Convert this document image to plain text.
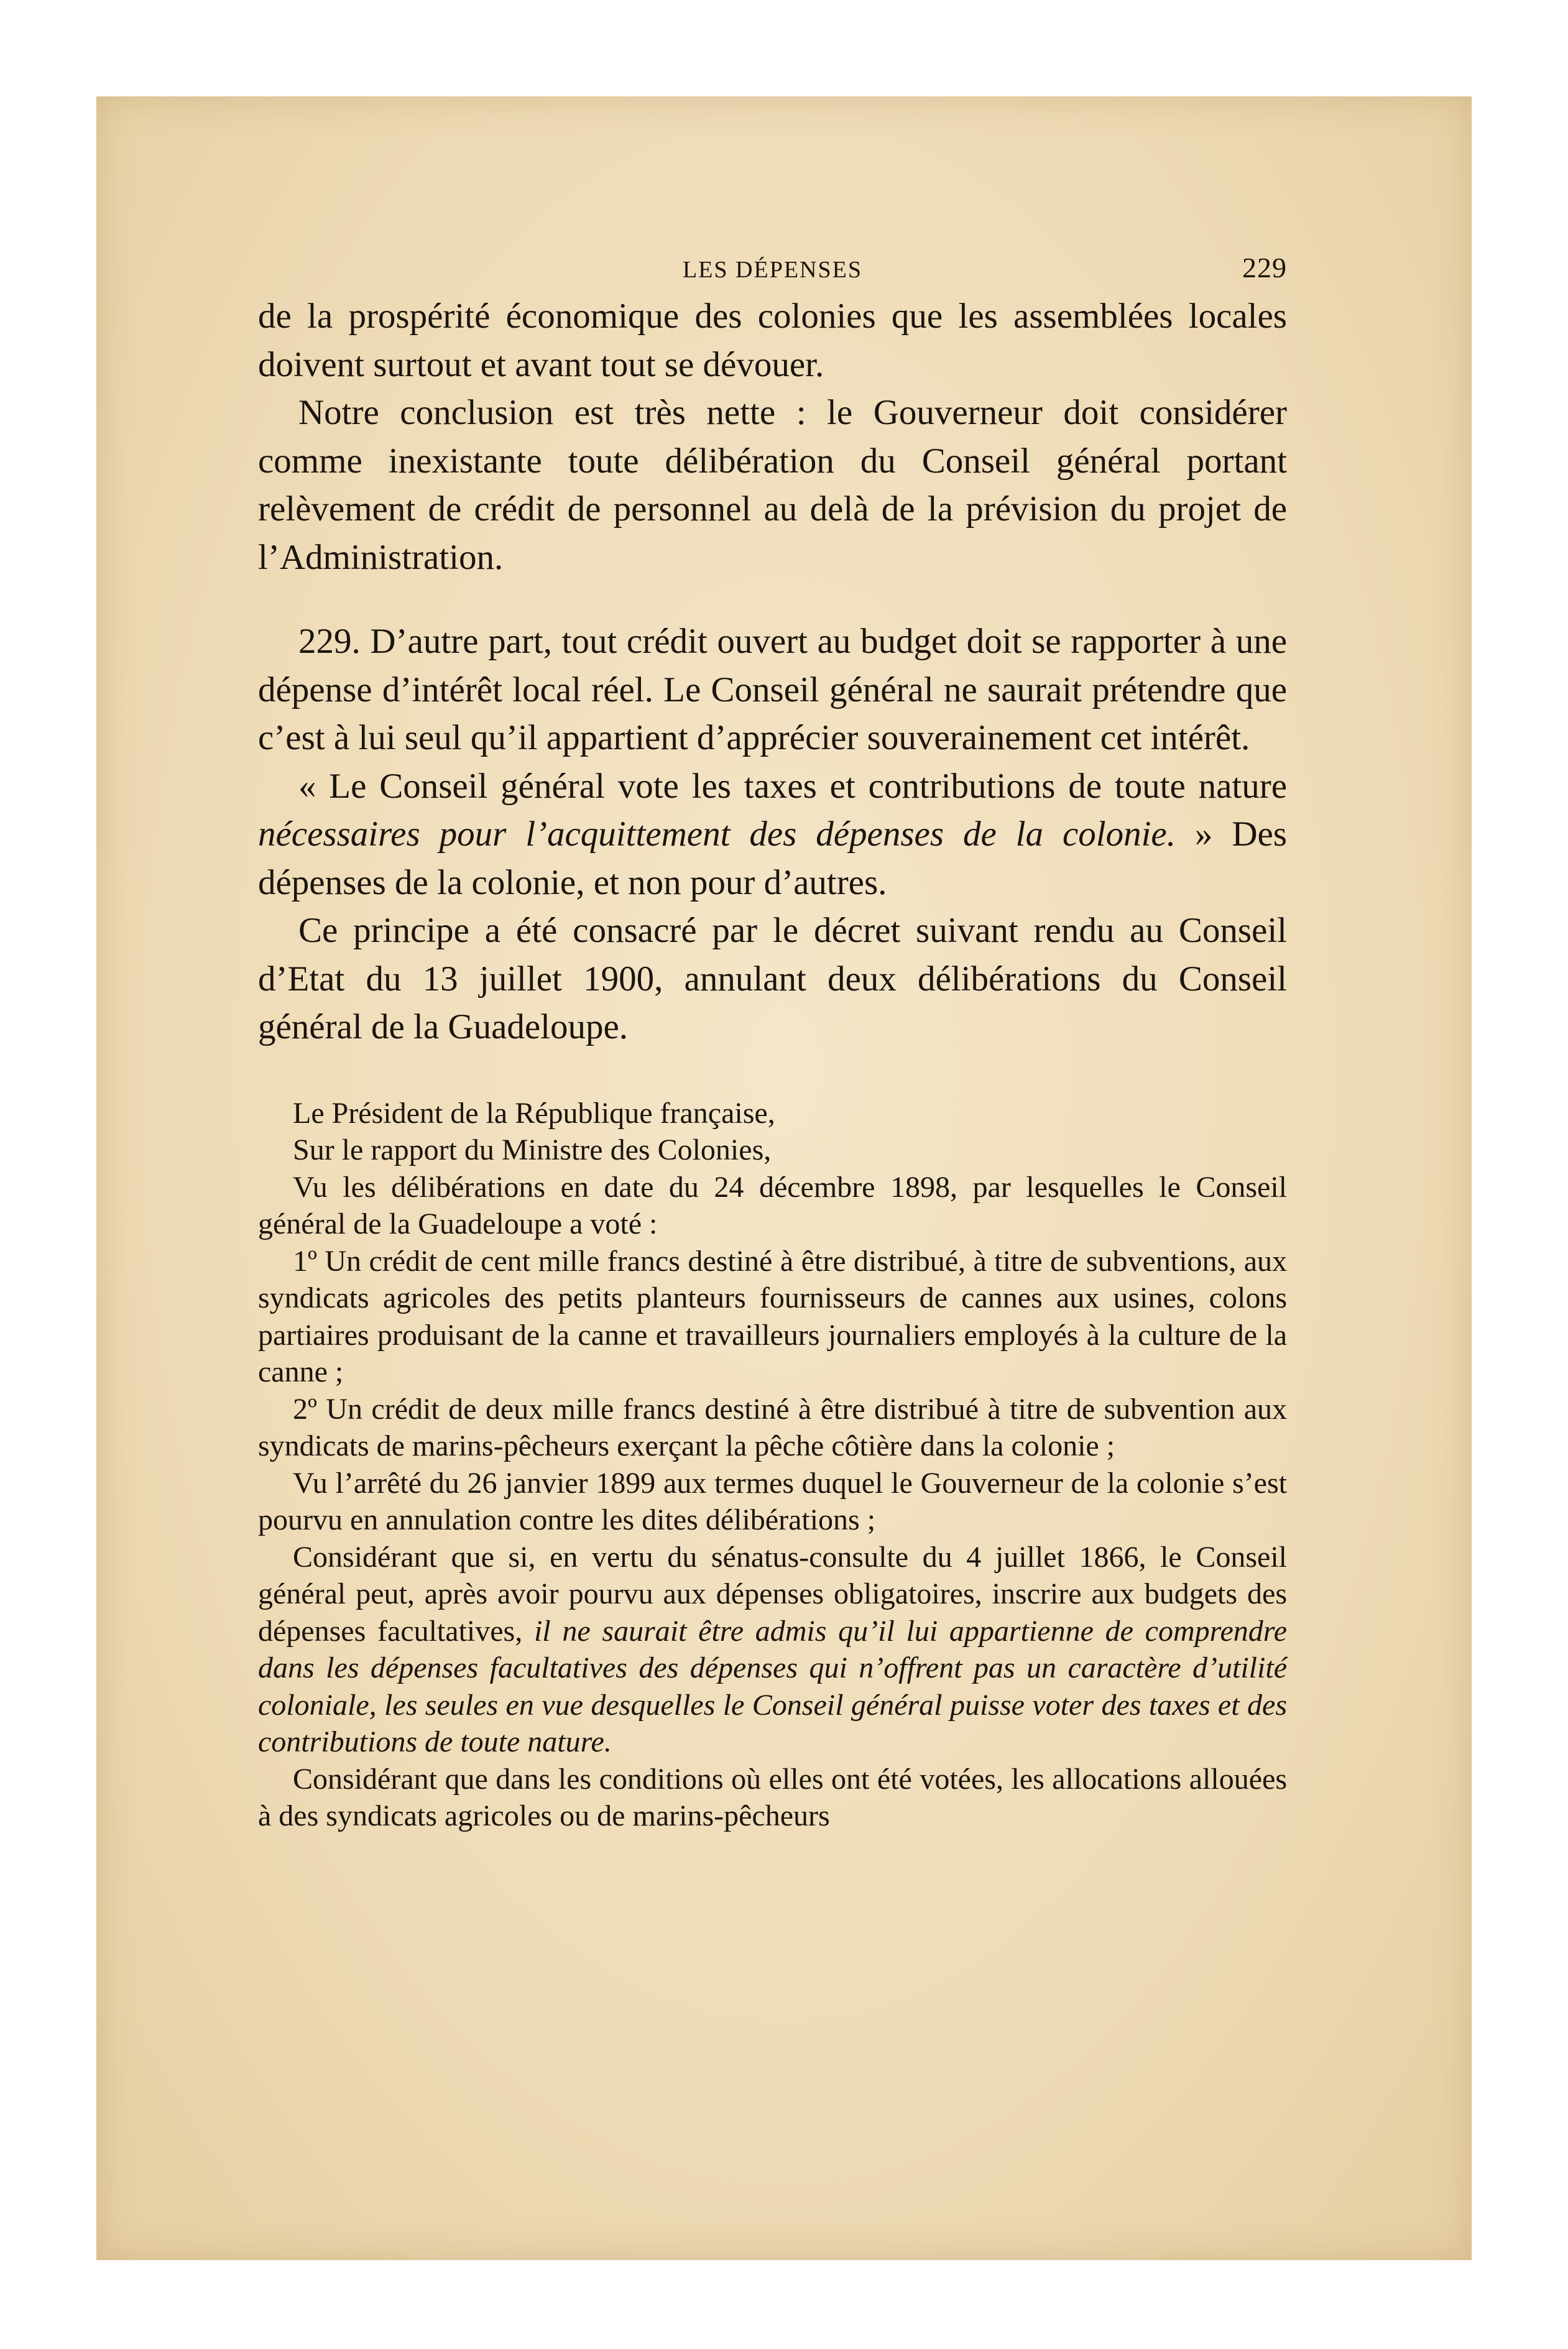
LES DÉPENSES	229

de la prospérité économique des colonies que les assemblées locales doivent surtout et avant tout se dévouer.

Notre conclusion est très nette : le Gouverneur doit considérer comme inexistante toute délibération du Conseil général portant relèvement de crédit de personnel au delà de la prévision du projet de l’Administration.

229. D’autre part, tout crédit ouvert au budget doit se rapporter à une dépense d’intérêt local réel. Le Conseil général ne saurait prétendre que c’est à lui seul qu’il appartient d’apprécier souverainement cet intérêt.

« Le Conseil général vote les taxes et contributions de toute nature nécessaires pour l’acquittement des dépenses de la colonie. » Des dépenses de la colonie, et non pour d’autres.

Ce principe a été consacré par le décret suivant rendu au Conseil d’Etat du 13 juillet 1900, annulant deux délibérations du Conseil général de la Guadeloupe.

Le Président de la République française,

Sur le rapport du Ministre des Colonies,

Vu les délibérations en date du 24 décembre 1898, par lesquelles le Conseil général de la Guadeloupe a voté :

1º Un crédit de cent mille francs destiné à être distribué, à titre de subventions, aux syndicats agricoles des petits planteurs fournisseurs de cannes aux usines, colons partiaires produisant de la canne et travailleurs journaliers employés à la culture de la canne ;

2º Un crédit de deux mille francs destiné à être distribué à titre de subvention aux syndicats de marins-pêcheurs exerçant la pêche côtière dans la colonie ;

Vu l’arrêté du 26 janvier 1899 aux termes duquel le Gouverneur de la colonie s’est pourvu en annulation contre les dites délibérations ;

Considérant que si, en vertu du sénatus-consulte du 4 juillet 1866, le Conseil général peut, après avoir pourvu aux dépenses obligatoires, inscrire aux budgets des dépenses facultatives, il ne saurait être admis qu’il lui appartienne de comprendre dans les dépenses facultatives des dépenses qui n’offrent pas un caractère d’utilité coloniale, les seules en vue desquelles le Conseil général puisse voter des taxes et des contributions de toute nature.

Considérant que dans les conditions où elles ont été votées, les allocations allouées à des syndicats agricoles ou de marins-pêcheurs
